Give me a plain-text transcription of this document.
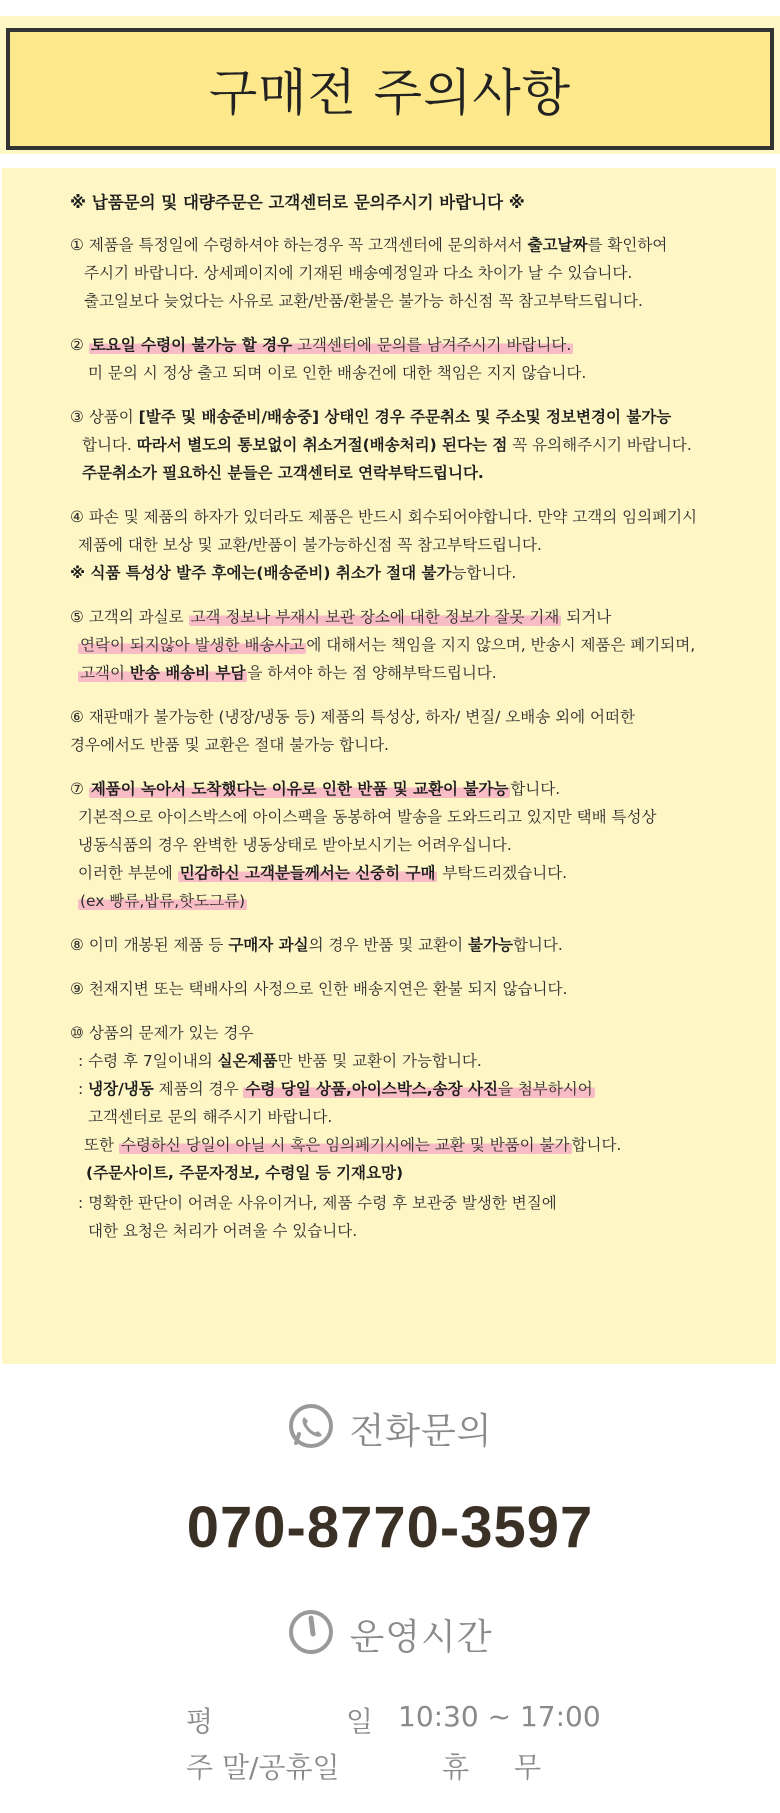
구매전 주의사항
※ 납품문의 및 대량주문은 고객센터로 문의주시기 바랍니다 ※
① 제품을 특정일에 수령하셔야 하는경우 꼭 고객센터에 문의하셔서 출고날짜를 확인하여
주시기 바랍니다. 상세페이지에 기재된 배송예정일과 다소 차이가 날 수 있습니다.
출고일보다 늦었다는 사유로 교환/반품/환불은 불가능 하신점 꼭 참고부탁드립니다.
② 토요일 수령이 불가능 할 경우 고객센터에 문의를 남겨주시기 바랍니다.
미 문의 시 정상 출고 되며 이로 인한 배송건에 대한 책임은 지지 않습니다.
③ 상품이 [발주 및 배송준비/배송중] 상태인 경우 주문취소 및 주소및 정보변경이 불가능
합니다. 따라서 별도의 통보없이 취소거절(배송처리) 된다는 점 꼭 유의해주시기 바랍니다.
주문취소가 필요하신 분들은 고객센터로 연락부탁드립니다.
④ 파손 및 제품의 하자가 있더라도 제품은 반드시 회수되어야합니다. 만약 고객의 임의폐기시
제품에 대한 보상 및 교환/반품이 불가능하신점 꼭 참고부탁드립니다.
※ 식품 특성상 발주 후에는(배송준비) 취소가 절대 불가능합니다.
⑤ 고객의 과실로 고객 정보나 부재시 보관 장소에 대한 정보가 잘못 기재 되거나
연락이 되지않아 발생한 배송사고 에 대해서는 책임을 지지 않으며, 반송시 제품은 폐기되며,
고객이 반송 배송비 부담 을 하셔야 하는 점 양해부탁드립니다.
⑥ 재판매가 불가능한 (냉장/냉동 등) 제품의 특성상, 하자/ 변질/ 오배송 외에 어떠한
경우에서도 반품 및 교환은 절대 불가능 합니다.
⑦ 제품이 녹아서 도착했다는 이유로 인한 반품 및 교환이 불가능 합니다.
기본적으로 아이스박스에 아이스팩을 동봉하여 발송을 도와드리고 있지만 택배 특성상
냉동식품의 경우 완벽한 냉동상태로 받아보시기는 어려우십니다.
이러한 부분에 민감하신 고객분들께서는 신중히 구매 부탁드리겠습니다.
(ex 빵류,밥류,핫도그류)
⑧ 이미 개봉된 제품 등 구매자 과실의 경우 반품 및 교환이 불가능합니다.
⑨ 천재지변 또는 택배사의 사정으로 인한 배송지연은 환불 되지 않습니다.
⑩ 상품의 문제가 있는 경우
: 수령 후 7일이내의 실온제품만 반품 및 교환이 가능합니다.
: 냉장/냉동 제품의 경우 수령 당일 상품,아이스박스,송장 사진을 첨부하시어
고객센터로 문의 해주시기 바랍니다.
또한 수령하신 당일이 아닐 시 혹은 임의폐기시에는 교환 및 반품이 불가 합니다.
(주문사이트, 주문자정보, 수령일 등 기재요망)
: 명확한 판단이 어려운 사유이거나, 제품 수령 후 보관중 발생한 변질에
대한 요청은 처리가 어려울 수 있습니다.
전화문의
070-8770-3597
운영시간
평 일
10:30 ~ 17:00
주 말/공휴일	휴 무
